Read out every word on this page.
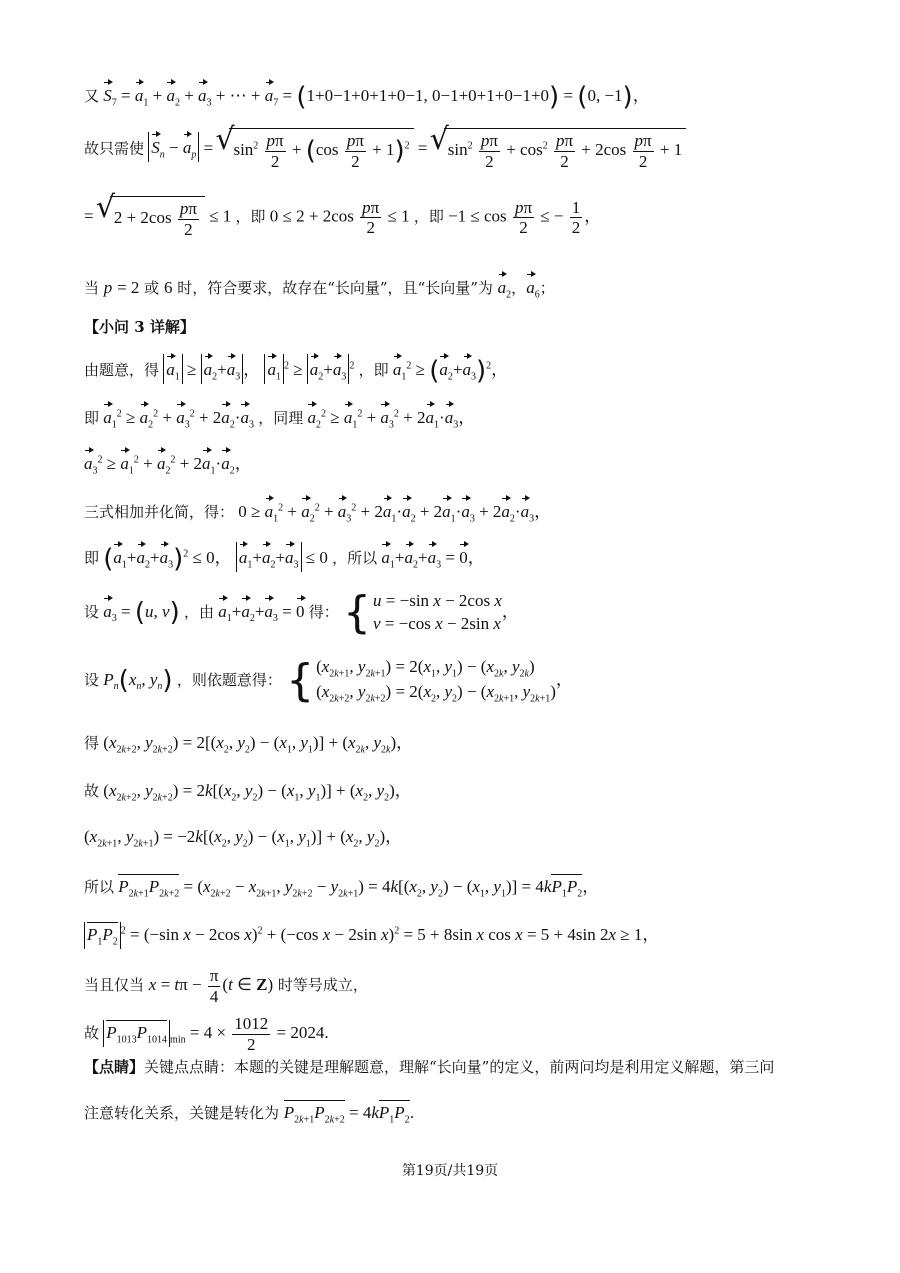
又 $S_7 = a_1 + a_2 + a_3$ + ⋯ + $a_7 = (1+0-1+0+1+0-1$, 0−1+0+1+0−1+0) = (0, −1)，
故只需使 $S_n - a_p$ = √ $\sin^2 \frac{p\pi}{2} + (\cos \frac{p\pi}{2} + 1)^2$ = √ $\sin^2 \frac{p\pi}{2} + \cos^2 \frac{p\pi}{2} + 2\cos \frac{p\pi}{2} + 1$
= √ $2 + 2\cos \frac{p\pi}{2} \le 1$ ，即 $0 \le 2 + 2\cos \frac{p\pi}{2} \le 1$ ，即 $-1 \le \cos \frac{p\pi}{2}$ ≤ − $\frac{1}{2}$ ，
当 p = 2 或 6 时，符合要求，故存在“长向量”，且“长向量”为 $a_2$，$a_6$；
【小问 3 详解】
由题意，得 $a_1 \ge a_2+a_3$ ， $a_1^2 \ge a_2+a_3^2$ ，即 $a_1^2 \ge (a_2+a_3)^2$，
即 $a_1^2 \ge a_2^2 + a_3^2 + 2a_2\cdot a_3$ ，同理 $a_2^2 \ge a_1^2 + a_3^2 + 2a_1\cdot a_3$，
$a_3^2 \ge a_1^2 + a_2^2 + 2a_1\cdot a_2$，
三式相加并化简，得： $0 \ge a_1^2 + a_2^2 + a_3^2 + 2a_1\cdot a_2 + 2a_1\cdot a_3 + 2a_2\cdot a_3$，
即 $(a_1+a_2+a_3)^2 \le 0$， $a_1+a_2+a_3 \le 0$ ，所以 $a_1+a_2+a_3 = 0$，
设 $a_3 = (u$, v) ，由 $a_1+a_2+a_3 = 0$ 得： { u = −sin x − 2cos x
v = −cos x − 2sin x
，
设 $P_n(x_n$, $y_n$) ，则依题意得： { ($x_{2k+1}$, $y_{2k+1}) = 2(x_1$, $y_1) - (x_{2k}$, $y_{2k}$)
($x_{2k+2}$, $y_{2k+2}) = 2(x_2$, $y_2) - (x_{2k+1}$, $y_{2k+1}$)
，
得 ($x_{2k+2}$, $y_{2k+2}) = 2[(x_2$, $y_2) - (x_1$, $y_1)] + (x_{2k}$, $y_{2k}$)，
故 ($x_{2k+2}$, $y_{2k+2}) = 2k[(x_2$, $y_2) - (x_1$, $y_1)] + (x_2$, $y_2$)，
($x_{2k+1}$, $y_{2k+1}) = -2k[(x_2$, $y_2) - (x_1$, $y_1)] + (x_2$, $y_2$)，
所以 $P_{2k+1}P_{2k+2} = (x_{2k+2} - x_{2k+1}$, $y_{2k+2} - y_{2k+1}) = 4k[(x_2$, $y_2) - (x_1$, $y_1)] = 4kP_1P_2$，
$P_1P_2^2 = (-\sin$ x − 2cos x)$^2$ + (−cos x − 2sin x)$^2$ = 5 + 8sin x cos x = 5 + 4sin 2x ≥ 1，
当且仅当 $x = t\pi - \frac{\pi}{4} (t$ ∈ Z) 时等号成立，
故 $P_{1013}P_{1014}$ $_{min} = 4 \times \frac{1012}{2} = 2024$.
【点睛】关键点点睛：本题的关键是理解题意，理解“长向量”的定义，前两问均是利用定义解题，第三问
注意转化关系，关键是转化为 $P_{2k+1}P_{2k+2} = 4kP_1P_2$.
第19页/共19页
